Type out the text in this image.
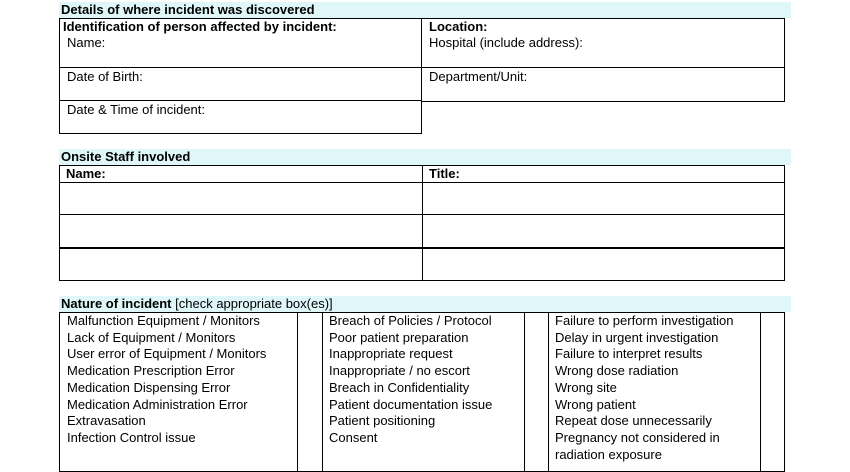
Details of where incident was discovered
Identification of person affected by incident:
Name:
Date of Birth:
Date & Time of incident:
Location:
Hospital (include address):
Department/Unit:
Onsite Staff involved
Name:	Title:
Nature of incident [check appropriate box(es)]
Malfunction Equipment / Monitors
Lack of Equipment / Monitors
User error of Equipment / Monitors
Medication Prescription Error
Medication Dispensing Error
Medication Administration Error
Extravasation
Infection Control issue
Breach of Policies / Protocol
Poor patient preparation
Inappropriate request
Inappropriate / no escort
Breach in Confidentiality
Patient documentation issue
Patient positioning
Consent
Failure to perform investigation
Delay in urgent investigation
Failure to interpret results
Wrong dose radiation
Wrong site
Wrong patient
Repeat dose unnecessarily
Pregnancy not considered in
radiation exposure
